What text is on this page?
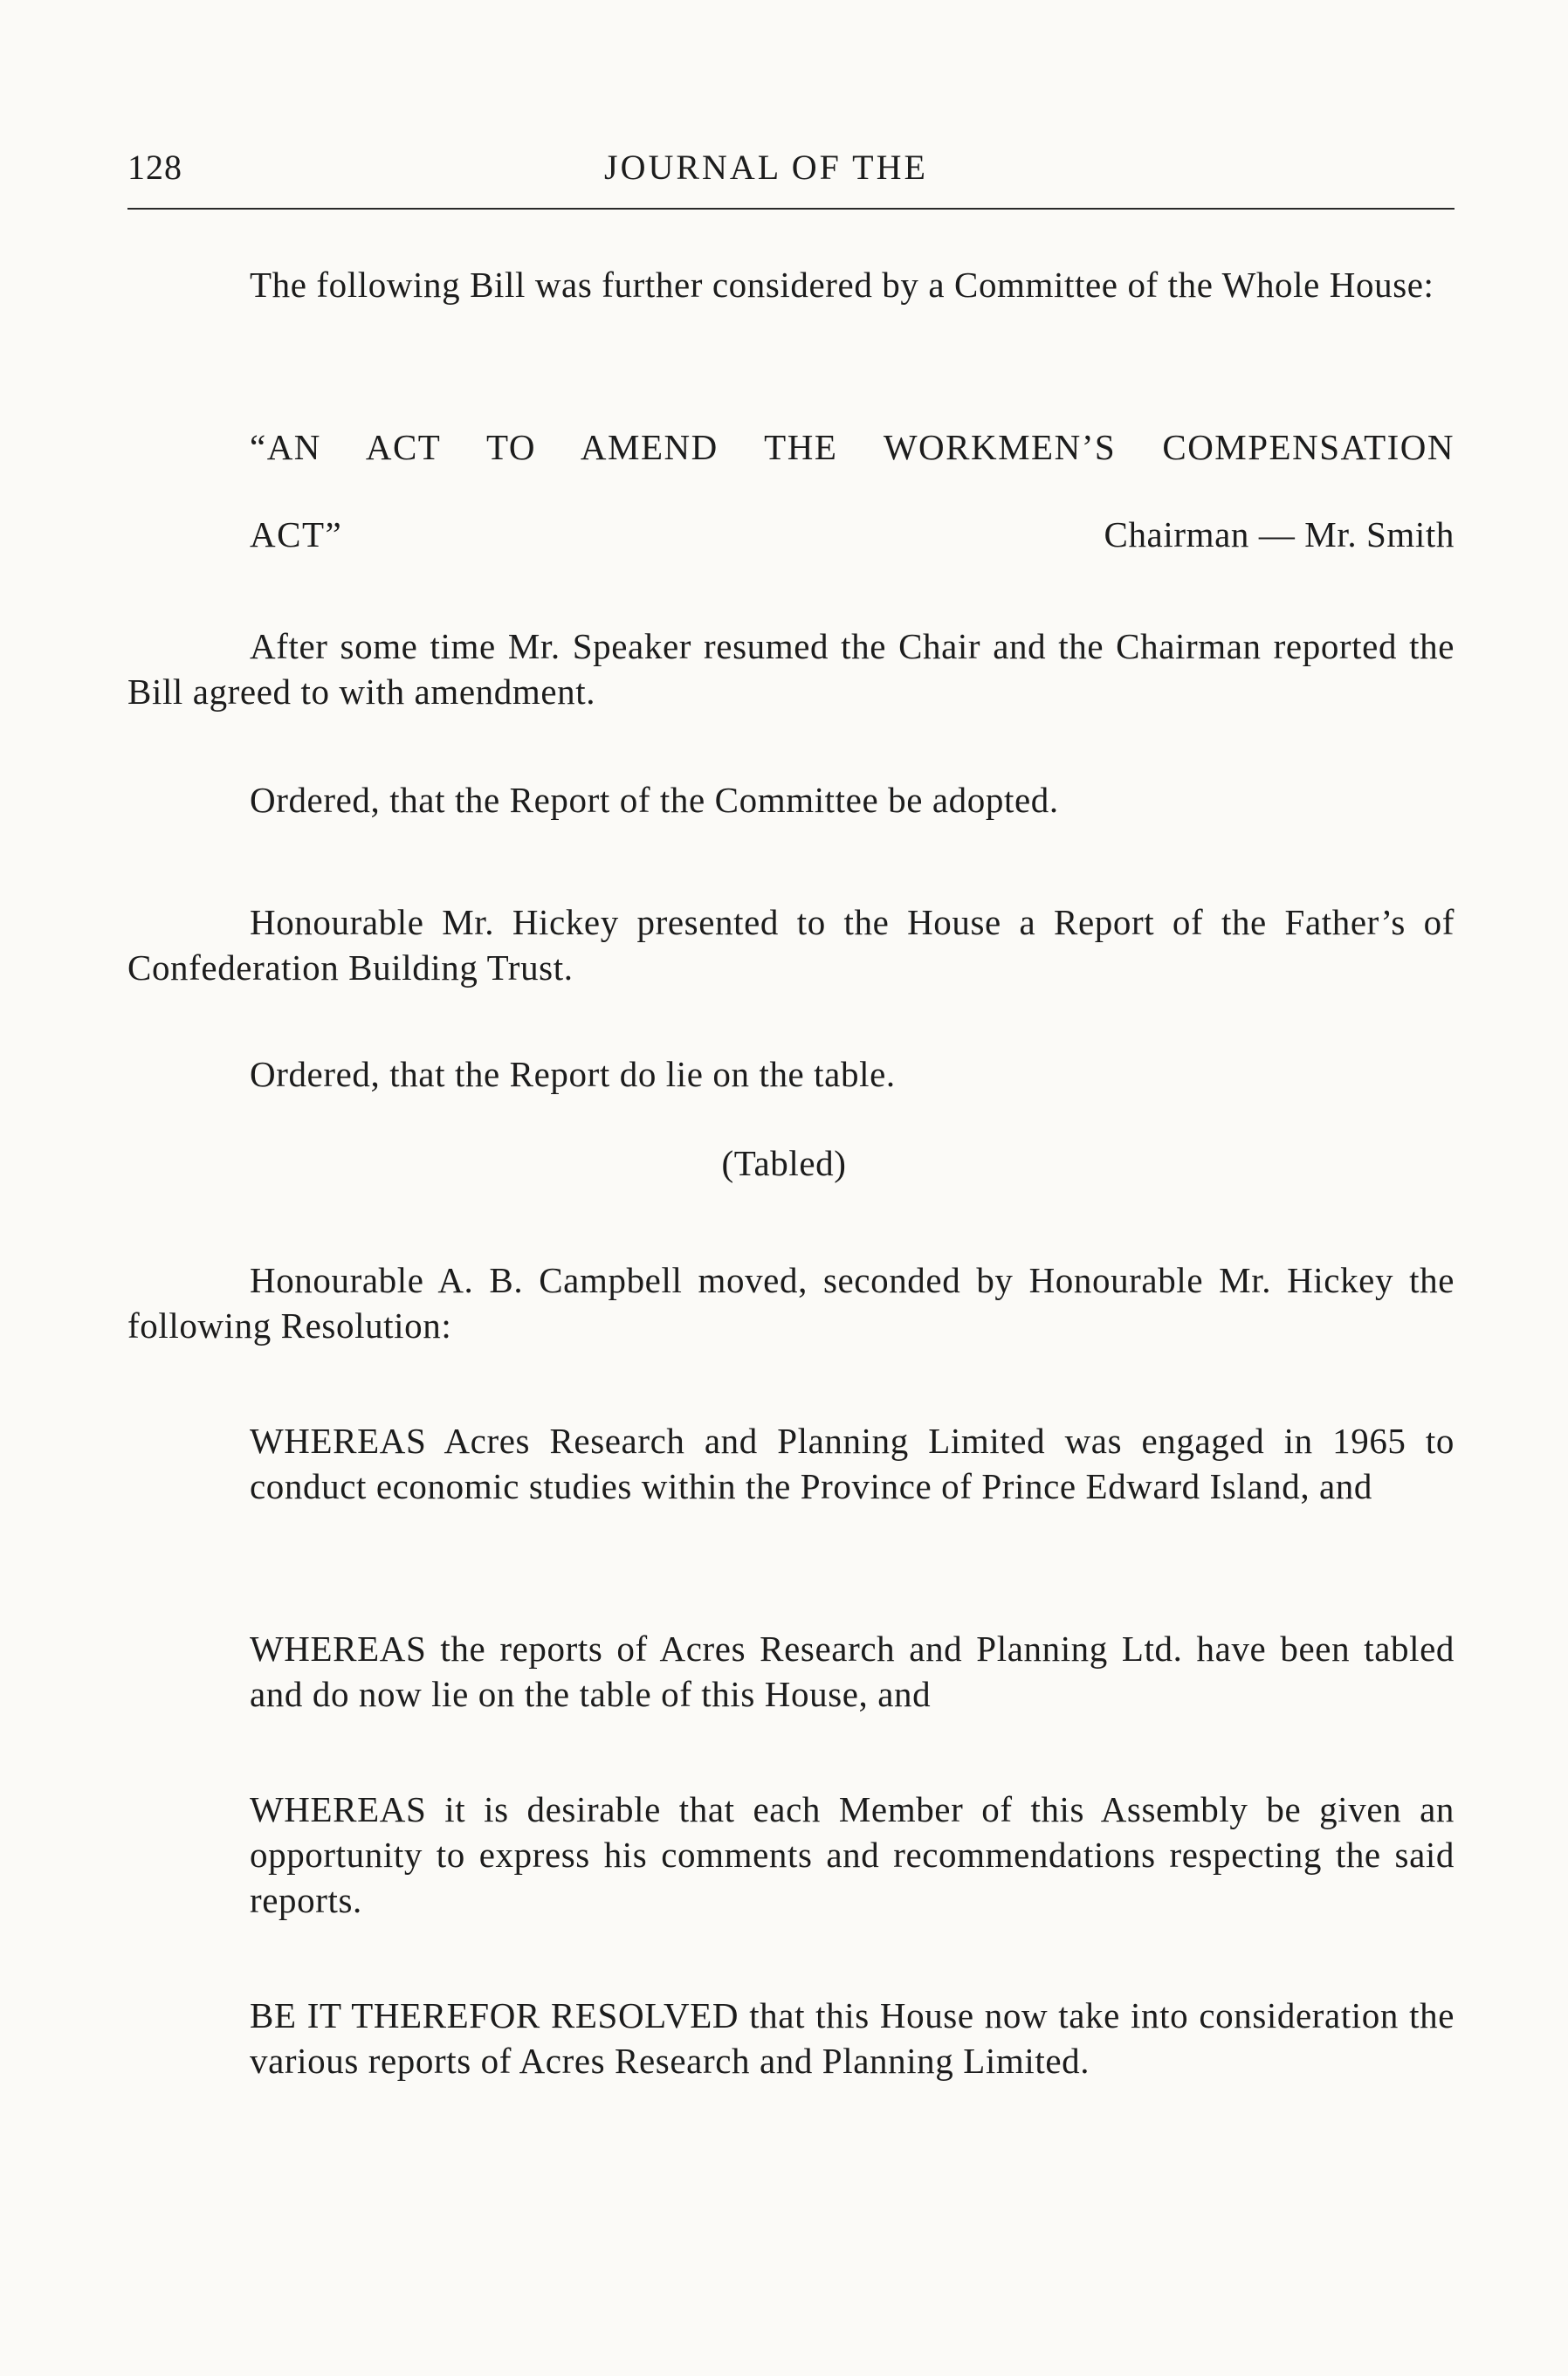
128	JOURNAL OF THE

The following Bill was further considered by a Committee of the Whole House:

“AN ACT TO AMEND THE WORKMEN’S COMPENSATION

ACT”	Chairman — Mr. Smith

After some time Mr. Speaker resumed the Chair and the Chairman reported the Bill agreed to with amendment.

Ordered, that the Report of the Committee be adopted.

Honourable Mr. Hickey presented to the House a Report of the Father’s of Confederation Building Trust.

Ordered, that the Report do lie on the table.

(Tabled)

Honourable A. B. Campbell moved, seconded by Honourable Mr. Hickey the following Resolution:

WHEREAS Acres Research and Planning Limited was engaged in 1965 to conduct economic studies within the Province of Prince Edward Island, and

WHEREAS the reports of Acres Research and Planning Ltd. have been tabled and do now lie on the table of this House, and

WHEREAS it is desirable that each Member of this Assembly be given an opportunity to express his comments and recommendations respecting the said reports.

BE IT THEREFOR RESOLVED that this House now take into consideration the various reports of Acres Research and Planning Limited.
